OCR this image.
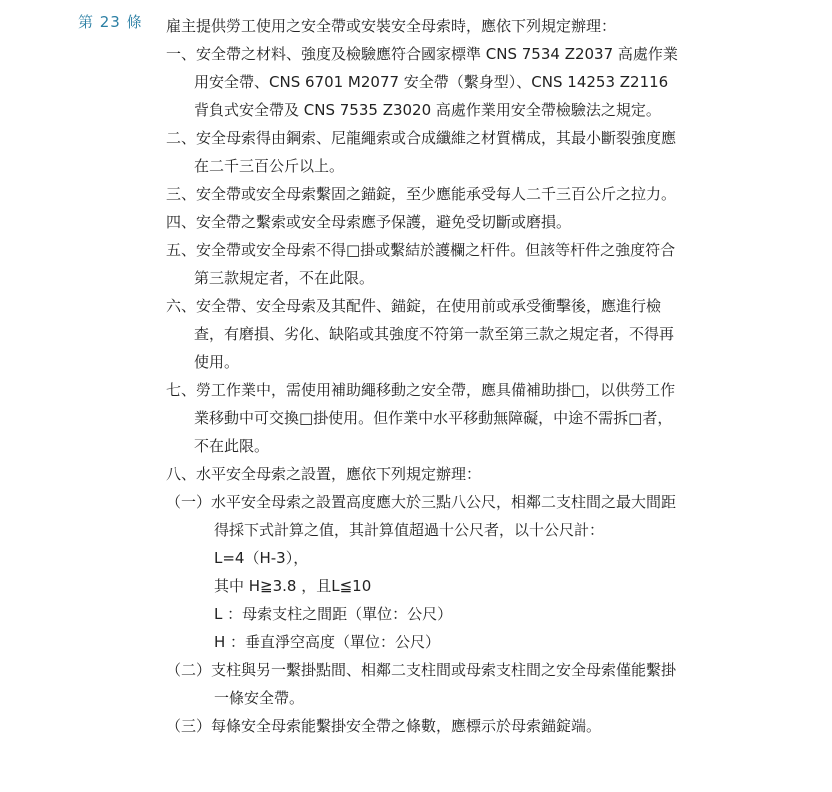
第 23 條 雇主提供勞工使用之安全帶或安裝安全母索時，應依下列規定辦理：

一、安全帶之材料、強度及檢驗應符合國家標準 CNS 7534 Z2037 高處作業用安全帶、CNS 6701 M2077 安全帶（繫身型）、CNS 14253 Z2116 背負式安全帶及 CNS 7535 Z3020 高處作業用安全帶檢驗法之規定。

二、安全母索得由鋼索、尼龍繩索或合成纖維之材質構成，其最小斷裂強度應在二千三百公斤以上。

三、安全帶或安全母索繫固之錨錠，至少應能承受每人二千三百公斤之拉力。

四、安全帶之繫索或安全母索應予保護，避免受切斷或磨損。

五、安全帶或安全母索不得□掛或繫結於護欄之杆件。但該等杆件之強度符合第三款規定者，不在此限。

六、安全帶、安全母索及其配件、錨錠，在使用前或承受衝擊後，應進行檢查，有磨損、劣化、缺陷或其強度不符第一款至第三款之規定者，不得再使用。

七、勞工作業中，需使用補助繩移動之安全帶，應具備補助掛□，以供勞工作業移動中可交換□掛使用。但作業中水平移動無障礙，中途不需拆□者，不在此限。

八、水平安全母索之設置，應依下列規定辦理：

（一）水平安全母索之設置高度應大於三點八公尺，相鄰二支柱間之最大間距得採下式計算之值，其計算值超過十公尺者，以十公尺計：

L=4（H-3），

其中 H≧3.8 ，且L≦10

L ：母索支柱之間距（單位：公尺）

H ：垂直淨空高度（單位：公尺）

（二）支柱與另一繫掛點間、相鄰二支柱間或母索支柱間之安全母索僅能繫掛一條安全帶。

（三）每條安全母索能繫掛安全帶之條數，應標示於母索錨錠端。
